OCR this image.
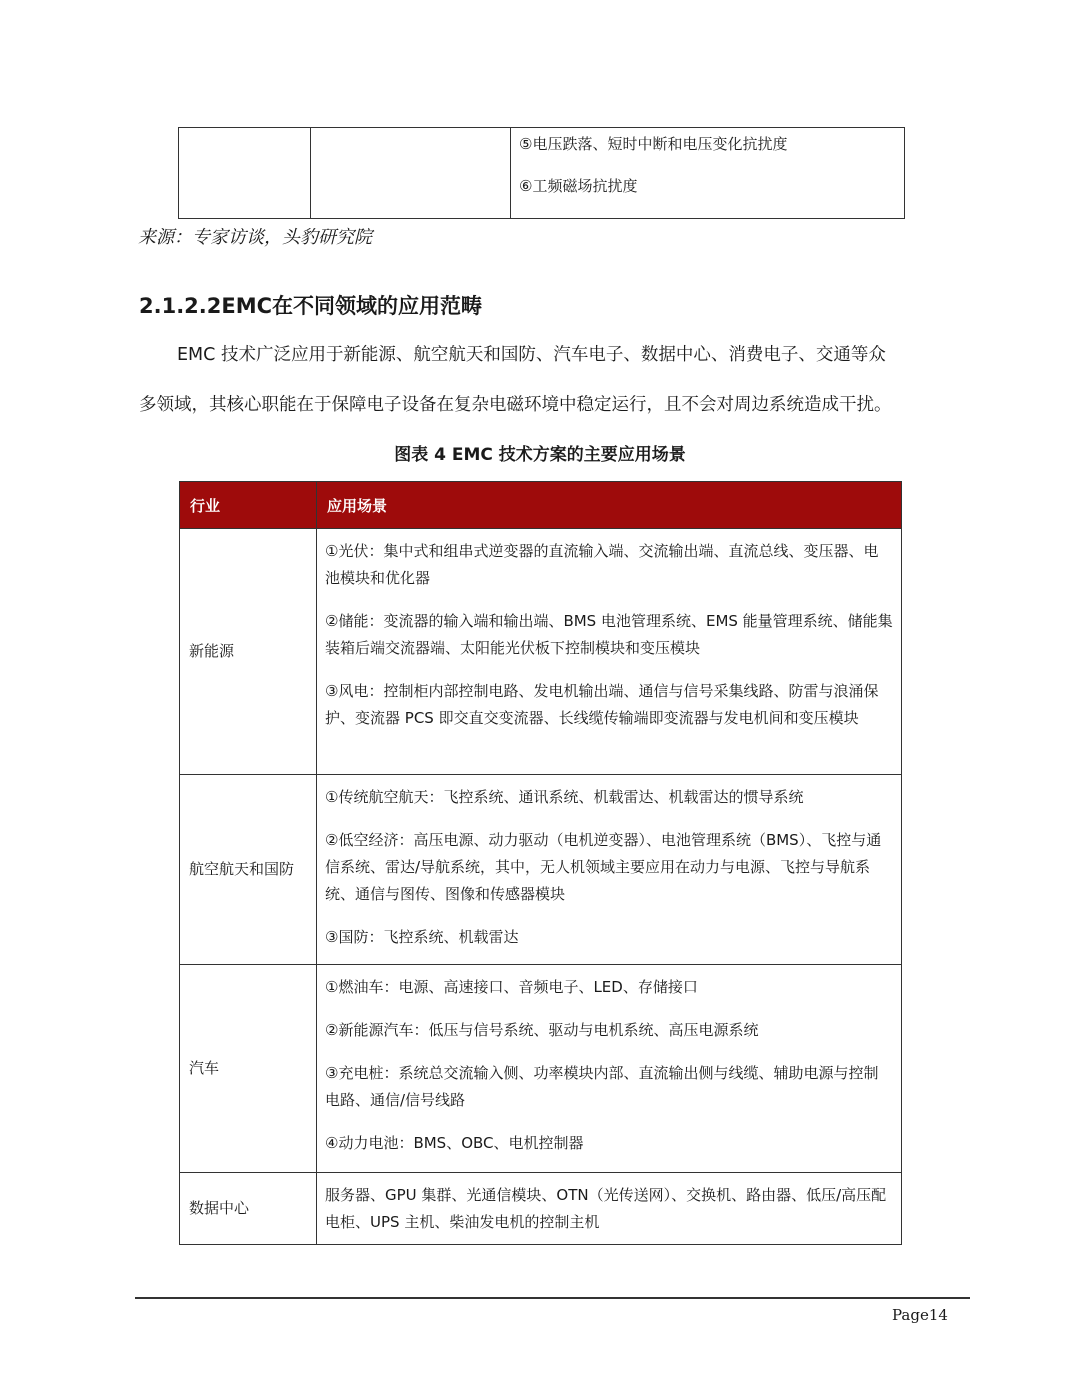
⑤电压跌落、短时中断和电压变化抗扰度

⑥工频磁场抗扰度

来源：专家访谈，头豹研究院
2.1.2.2EMC在不同领域的应用范畴
EMC 技术广泛应用于新能源、航空航天和国防、汽车电子、数据中心、消费电子、交通等众
多领域，其核心职能在于保障电子设备在复杂电磁环境中稳定运行，且不会对周边系统造成干扰。
图表 4 EMC 技术方案的主要应用场景
行业	应用场景
新能源	①光伏：集中式和组串式逆变器的直流输入端、交流输出端、直流总线、变压器、电池模块和优化器

②储能：变流器的输入端和输出端、BMS 电池管理系统、EMS 能量管理系统、储能集装箱后端交流器端、太阳能光伏板下控制模块和变压模块

③风电：控制柜内部控制电路、发电机输出端、通信与信号采集线路、防雷与浪涌保护、变流器 PCS 即交直交变流器、长线缆传输端即变流器与发电机间和变压模块

航空航天和国防	①传统航空航天：飞控系统、通讯系统、机载雷达、机载雷达的惯导系统

②低空经济：高压电源、动力驱动（电机逆变器）、电池管理系统（BMS）、飞控与通信系统、雷达/导航系统，其中，无人机领域主要应用在动力与电源、飞控与导航系统、通信与图传、图像和传感器模块

③国防：飞控系统、机载雷达

汽车	①燃油车：电源、高速接口、音频电子、LED、存储接口

②新能源汽车：低压与信号系统、驱动与电机系统、高压电源系统

③充电桩：系统总交流输入侧、功率模块内部、直流输出侧与线缆、辅助电源与控制电路、通信/信号线路

④动力电池：BMS、OBC、电机控制器

数据中心	服务器、GPU 集群、光通信模块、OTN（光传送网）、交换机、路由器、低压/高压配电柜、UPS 主机、柴油发电机的控制主机

Page14
